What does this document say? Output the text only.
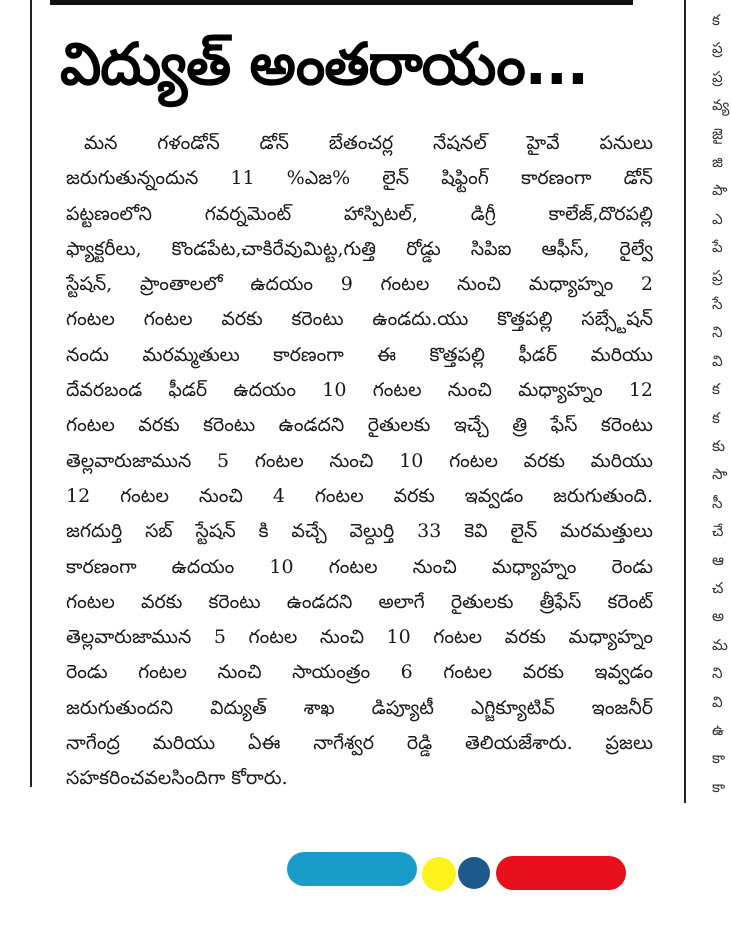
విద్యుత్ అంతరాయం...
మన గళండోన్ డోన్ బేతంచర్ల నేషనల్ హైవే పనులు
జరుగుతున్నందున 11 %ఎజ% లైన్ షిఫ్టింగ్ కారణంగా డోన్
పట్టణంలోని గవర్నమెంట్ హాస్పిటల్, డిగ్రీ కాలేజ్,దొరపల్లి
ఫ్యాక్టరీలు, కొండపేట,చాకిరేవుమిట్ట,గుత్తి రోడ్డు సిపిఐ ఆఫీస్, రైల్వే
స్టేషన్, ప్రాంతాలలో ఉదయం 9 గంటల నుంచి మధ్యాహ్నం 2
గంటల గంటల వరకు కరెంటు ఉండదు.యు కొత్తపల్లి సబ్స్టేషన్
నందు మరమ్మతులు కారణంగా ఈ కొత్తపల్లి ఫీడర్ మరియు
దేవరబండ ఫీడర్ ఉదయం 10 గంటల నుంచి మధ్యాహ్నం 12
గంటల వరకు కరెంటు ఉండదని రైతులకు ఇచ్చే త్రి ఫేస్ కరెంటు
తెల్లవారుజామున 5 గంటల నుంచి 10 గంటల వరకు మరియు
12 గంటల నుంచి 4 గంటల వరకు ఇవ్వడం జరుగుతుంది.
జగదుర్తి సబ్ స్టేషన్ కి వచ్చే వెల్దుర్తి 33 కెవి లైన్ మరమత్తులు
కారణంగా ఉదయం 10 గంటల నుంచి మధ్యాహ్నం రెండు
గంటల వరకు కరెంటు ఉండదని అలాగే రైతులకు త్రీఫేస్ కరెంట్
తెల్లవారుజామున 5 గంటల నుంచి 10 గంటల వరకు మధ్యాహ్నం
రెండు గంటల నుంచి సాయంత్రం 6 గంటల వరకు ఇవ్వడం
జరుగుతుందని విద్యుత్ శాఖ డిప్యూటీ ఎగ్జిక్యూటివ్ ఇంజనీర్
నాగేంద్ర మరియు ఏఈ నాగేశ్వర రెడ్డి తెలియజేశారు. ప్రజలు
సహకరించవలసిందిగా కోరారు.
క
ప్ర
ప్ర
వ్య
జై
జి
పా
ఎ
పే
ప్ర
సే
ని
వి
క
క
కు
సా
సీ
చే
ఆ
చ
అ
మ
ని
వి
ఉ
కా
కా
